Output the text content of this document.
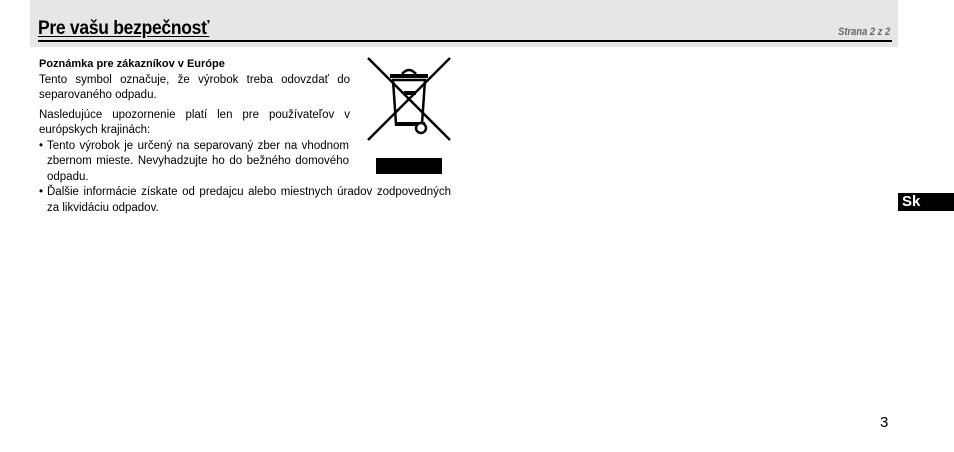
Pre vašu bezpečnosť	Strana 2 z 2

Poznámka pre zákazníkov v Európe

Tento symbol označuje, že výrobok treba odovzdať do separovaného odpadu.

Nasledujúce upozornenie platí len pre používateľov v európskych krajinách:

• Tento výrobok je určený na separovaný zber na vhodnom zbernom mieste. Nevyhadzujte ho do bežného domového odpadu.
• Ďalšie informácie získate od predajcu alebo miestnych úradov zodpovedných za likvidáciu odpadov.	Sk
3
